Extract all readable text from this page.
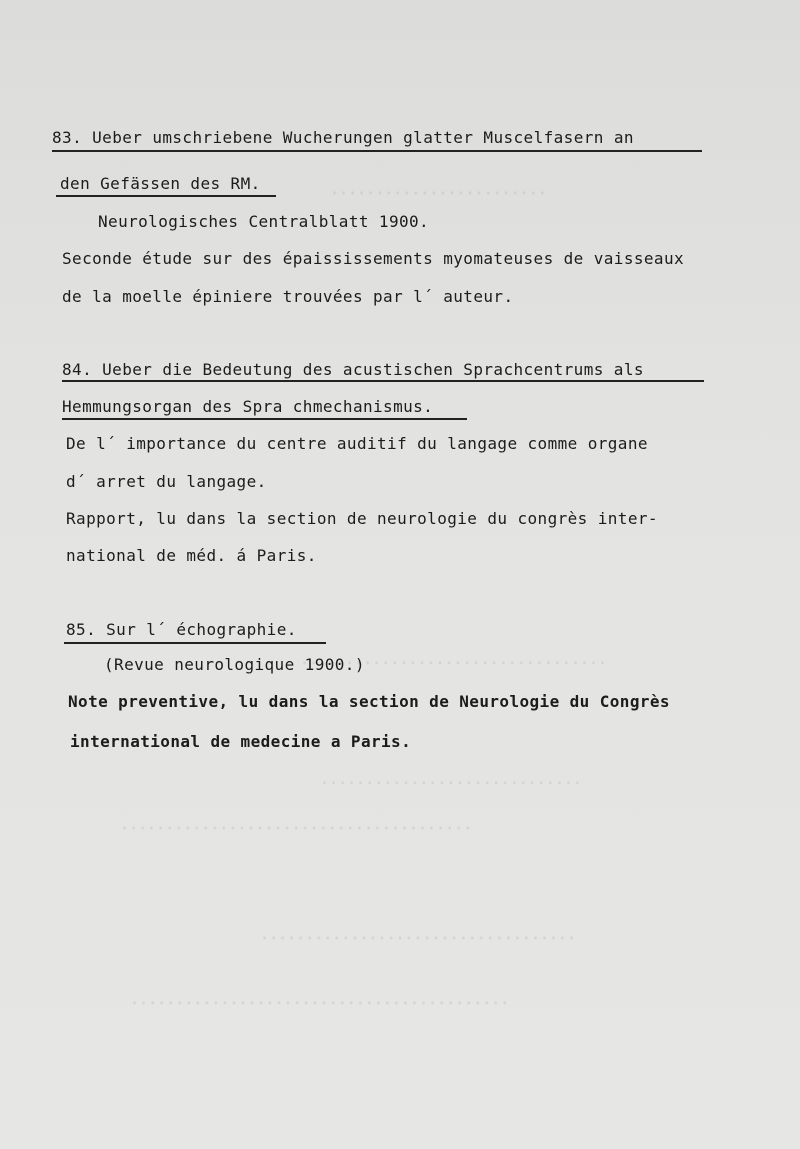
........................
..................................
.............................
.......................................
...................................
..........................................
83. Ueber umschriebene Wucherungen glatter Muscelfasern an
den Gefässen des RM.
Neurologisches Centralblatt 1900.
Seconde étude sur des épaississements myomateuses de vaisseaux
de la moelle épiniere trouvées par l´ auteur.
84. Ueber die Bedeutung des acustischen Sprachcentrums als
Hemmungsorgan des Spra chmechanismus.
De l´ importance du centre auditif du langage comme organe
d´ arret du langage.
Rapport, lu dans la section de neurologie du congrès inter-
national de méd. á Paris.
85. Sur l´ échographie.
(Revue neurologique 1900.)
Note preventive, lu dans la section de Neurologie du Congrès
international de medecine a Paris.
